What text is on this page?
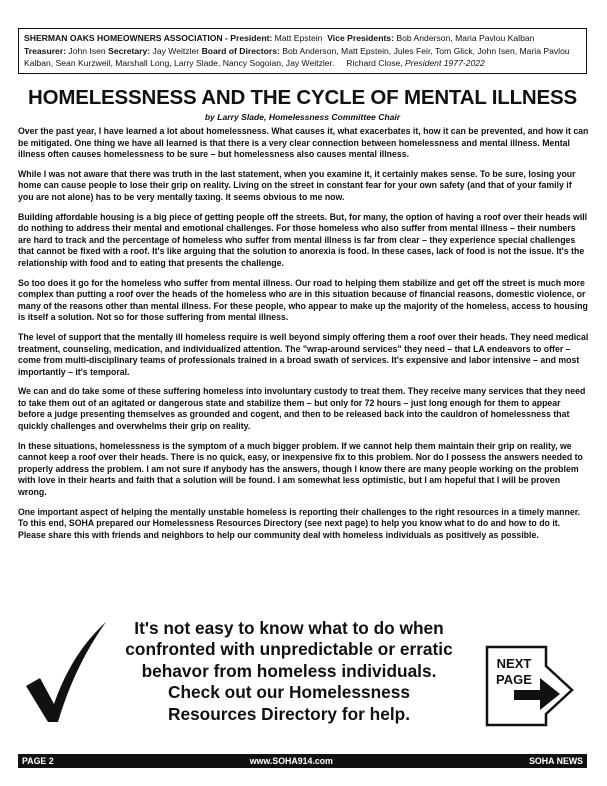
SHERMAN OAKS HOMEOWNERS ASSOCIATION - President: Matt Epstein Vice Presidents: Bob Anderson, Maria Pavlou Kalban
Treasurer: John Isen Secretary: Jay Weitzler Board of Directors: Bob Anderson, Matt Epstein, Jules Feir, Tom Glick, John Isen, Maria Pavlou Kalban, Sean Kurzweil, Marshall Long, Larry Slade, Nancy Sogoian, Jay Weitzler. Richard Close, President 1977-2022
HOMELESSNESS AND THE CYCLE OF MENTAL ILLNESS
by Larry Slade, Homelessness Committee Chair

Over the past year, I have learned a lot about homelessness. What causes it, what exacerbates it, how it can be prevented, and how it can be mitigated. One thing we have all learned is that there is a very clear connection between homelessness and mental illness. Mental illness often causes homelessness to be sure – but homelessness also causes mental illness.

While I was not aware that there was truth in the last statement, when you examine it, it certainly makes sense. To be sure, losing your home can cause people to lose their grip on reality. Living on the street in constant fear for your own safety (and that of your family if you are not alone) has to be very mentally taxing. It seems obvious to me now.

Building affordable housing is a big piece of getting people off the streets. But, for many, the option of having a roof over their heads will do nothing to address their mental and emotional challenges. For those homeless who also suffer from mental illness – their numbers are hard to track and the percentage of homeless who suffer from mental illness is far from clear – they experience special challenges that cannot be fixed with a roof. It's like arguing that the solution to anorexia is food. In these cases, lack of food is not the issue. It's the relationship with food and to eating that presents the challenge.

So too does it go for the homeless who suffer from mental illness. Our road to helping them stabilize and get off the street is much more complex than putting a roof over the heads of the homeless who are in this situation because of financial reasons, domestic violence, or many of the reasons other than mental illness. For these people, who appear to make up the majority of the homeless, access to housing is itself a solution. Not so for those suffering from mental illness.

The level of support that the mentally ill homeless require is well beyond simply offering them a roof over their heads. They need medical treatment, counseling, medication, and individualized attention. The "wrap-around services" they need – that LA endeavors to offer – come from multi-disciplinary teams of professionals trained in a broad swath of services. It's expensive and labor intensive – and most importantly – it's temporal.

We can and do take some of these suffering homeless into involuntary custody to treat them. They receive many services that they need to take them out of an agitated or dangerous state and stabilize them – but only for 72 hours – just long enough for them to appear before a judge presenting themselves as grounded and cogent, and then to be released back into the cauldron of homelessness that quickly challenges and overwhelms their grip on reality.

In these situations, homelessness is the symptom of a much bigger problem. If we cannot help them maintain their grip on reality, we cannot keep a roof over their heads. There is no quick, easy, or inexpensive fix to this problem. Nor do I possess the answers needed to properly address the problem. I am not sure if anybody has the answers, though I know there are many people working on the problem with love in their hearts and faith that a solution will be found. I am somewhat less optimistic, but I am hopeful that I will be proven wrong.

One important aspect of helping the mentally unstable homeless is reporting their challenges to the right resources in a timely manner. To this end, SOHA prepared our Homelessness Resources Directory (see next page) to help you know what to do and how to do it. Please share this with friends and neighbors to help our community deal with homeless individuals as positively as possible.

It's not easy to know what to do when
confronted with unpredictable or erratic
behavor from homeless individuals.
Check out our Homelessness
Resources Directory for help.
NEXT
PAGE
PAGE 2	www.SOHA914.com	SOHA NEWS
